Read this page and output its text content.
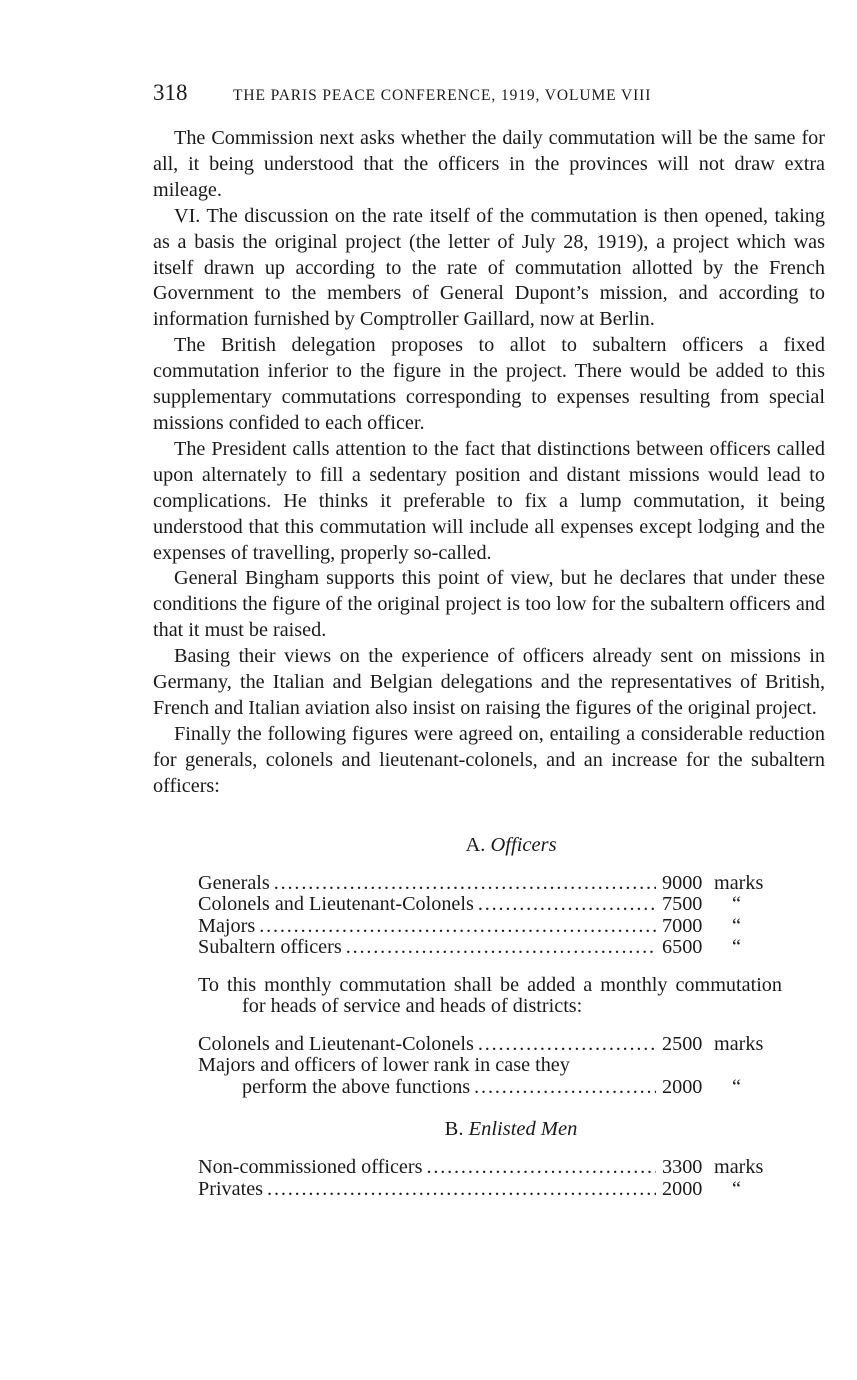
318	THE PARIS PEACE CONFERENCE, 1919, VOLUME VIII

The Commission next asks whether the daily commutation will be the same for all, it being understood that the officers in the provinces will not draw extra mileage.

VI. The discussion on the rate itself of the commutation is then opened, taking as a basis the original project (the letter of July 28, 1919), a project which was itself drawn up according to the rate of commutation allotted by the French Government to the members of General Dupont’s mission, and according to information furnished by Comptroller Gaillard, now at Berlin.

The British delegation proposes to allot to subaltern officers a fixed commutation inferior to the figure in the project. There would be added to this supplementary commutations corresponding to expenses resulting from special missions confided to each officer.

The President calls attention to the fact that distinctions between officers called upon alternately to fill a sedentary position and distant missions would lead to complications. He thinks it preferable to fix a lump commutation, it being understood that this commutation will include all expenses except lodging and the expenses of travelling, properly so-called.

General Bingham supports this point of view, but he declares that under these conditions the figure of the original project is too low for the subaltern officers and that it must be raised.

Basing their views on the experience of officers already sent on missions in Germany, the Italian and Belgian delegations and the representatives of British, French and Italian aviation also insist on raising the figures of the original project.

Finally the following figures were agreed on, entailing a considerable reduction for generals, colonels and lieutenant-colonels, and an increase for the subaltern officers:

A. Officers
Generals . . .	9000 marks
Colonels and Lieutenant-Colonels . . .	7500	“
Majors . . .	7000	“
Subaltern officers . . .	6500	“
To this monthly commutation shall be added a monthly commutation for heads of service and heads of districts:
Colonels and Lieutenant-Colonels . . .	2500 marks
Majors and officers of lower rank in case they
perform the above functions . . .	2000	“
B. Enlisted Men
Non-commissioned officers . . .	3300 marks
Privates . . .	2000	“
